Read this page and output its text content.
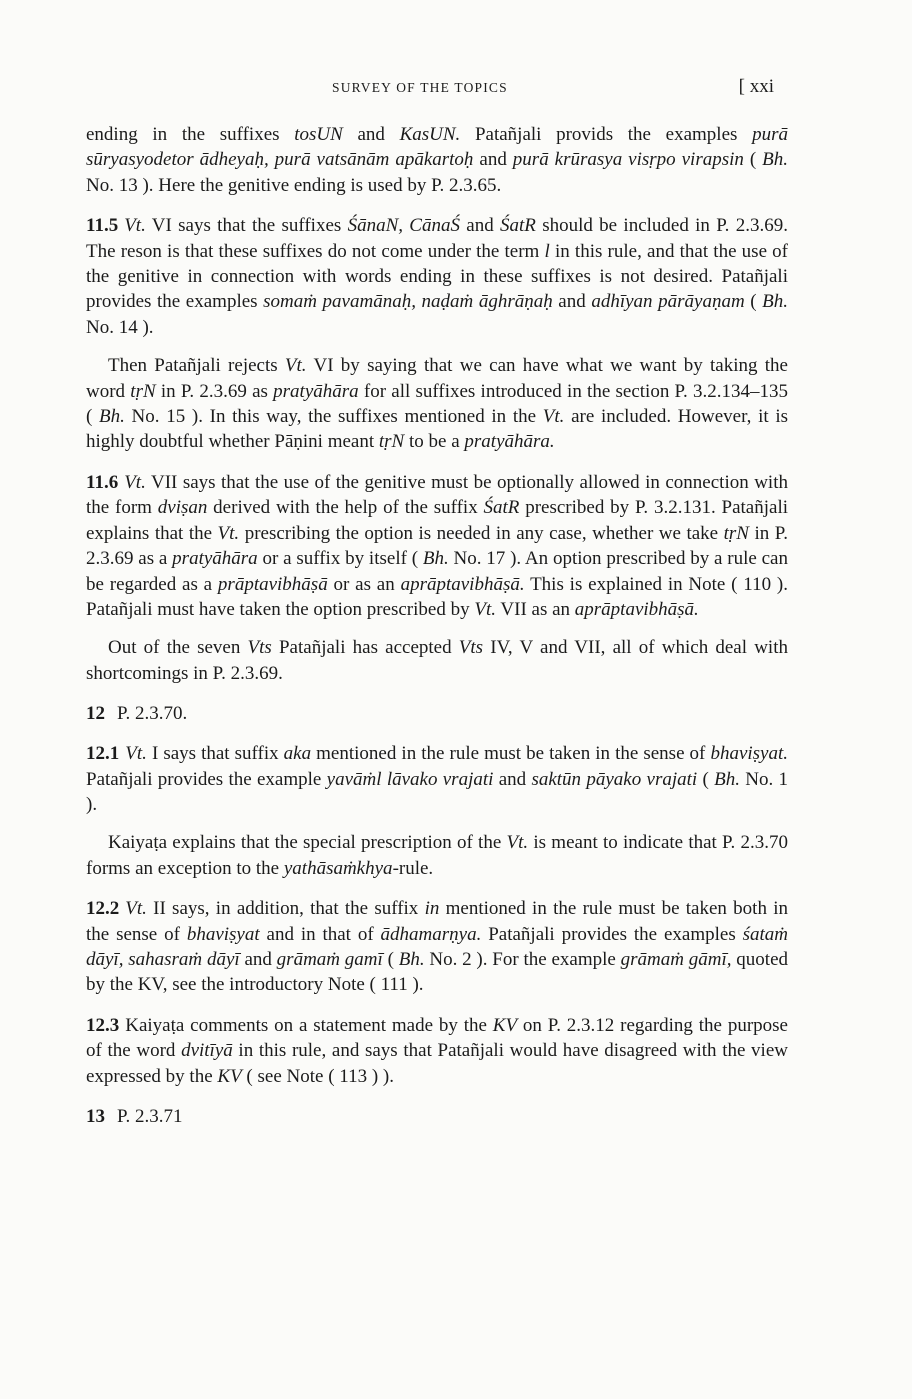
SURVEY OF THE TOPICS	[ xxi

ending in the suffixes tosUN and KasUN. Patañjali provids the examples purā sūryasyodetor ādheyaḥ, purā vatsānām apākartoḥ and purā krūrasya visṛpo virapsin ( Bh. No. 13 ). Here the genitive ending is used by P. 2.3.65.

11.5 Vt. VI says that the suffixes ŚānaN, CānaŚ and ŚatR should be included in P. 2.3.69. The reson is that these suffixes do not come under the term l in this rule, and that the use of the genitive in connection with words ending in these suffixes is not desired. Patañjali provides the examples somaṁ pavamānaḥ, naḍaṁ āghrāṇaḥ and adhīyan pārāyaṇam ( Bh. No. 14 ).

Then Patañjali rejects Vt. VI by saying that we can have what we want by taking the word tṛN in P. 2.3.69 as pratyāhāra for all suffixes introduced in the section P. 3.2.134–135 ( Bh. No. 15 ). In this way, the suffixes mentioned in the Vt. are included. However, it is highly doubtful whether Pāṇini meant tṛN to be a pratyāhāra.

11.6 Vt. VII says that the use of the genitive must be optionally allowed in connection with the form dviṣan derived with the help of the suffix ŚatR prescribed by P. 3.2.131. Patañjali explains that the Vt. prescribing the option is needed in any case, whether we take tṛN in P. 2.3.69 as a pratyāhāra or a suffix by itself ( Bh. No. 17 ). An option prescribed by a rule can be regarded as a prāptavibhāṣā or as an aprāptavibhāṣā. This is explained in Note ( 110 ). Patañjali must have taken the option prescribed by Vt. VII as an aprāptavibhāṣā.

Out of the seven Vts Patañjali has accepted Vts IV, V and VII, all of which deal with shortcomings in P. 2.3.69.

12 P. 2.3.70.

12.1 Vt. I says that suffix aka mentioned in the rule must be taken in the sense of bhaviṣyat. Patañjali provides the example yavāṁl lāvako vrajati and saktūn pāyako vrajati ( Bh. No. 1 ).

Kaiyaṭa explains that the special prescription of the Vt. is meant to indicate that P. 2.3.70 forms an exception to the yathāsaṁkhya-rule.

12.2 Vt. II says, in addition, that the suffix in mentioned in the rule must be taken both in the sense of bhaviṣyat and in that of ādhamarṇya. Patañjali provides the examples śataṁ dāyī, sahasraṁ dāyī and grāmaṁ gamī ( Bh. No. 2 ). For the example grāmaṁ gāmī, quoted by the KV, see the introductory Note ( 111 ).

12.3 Kaiyaṭa comments on a statement made by the KV on P. 2.3.12 regarding the purpose of the word dvitīyā in this rule, and says that Patañjali would have disagreed with the view expressed by the KV ( see Note ( 113 ) ).

13 P. 2.3.71
